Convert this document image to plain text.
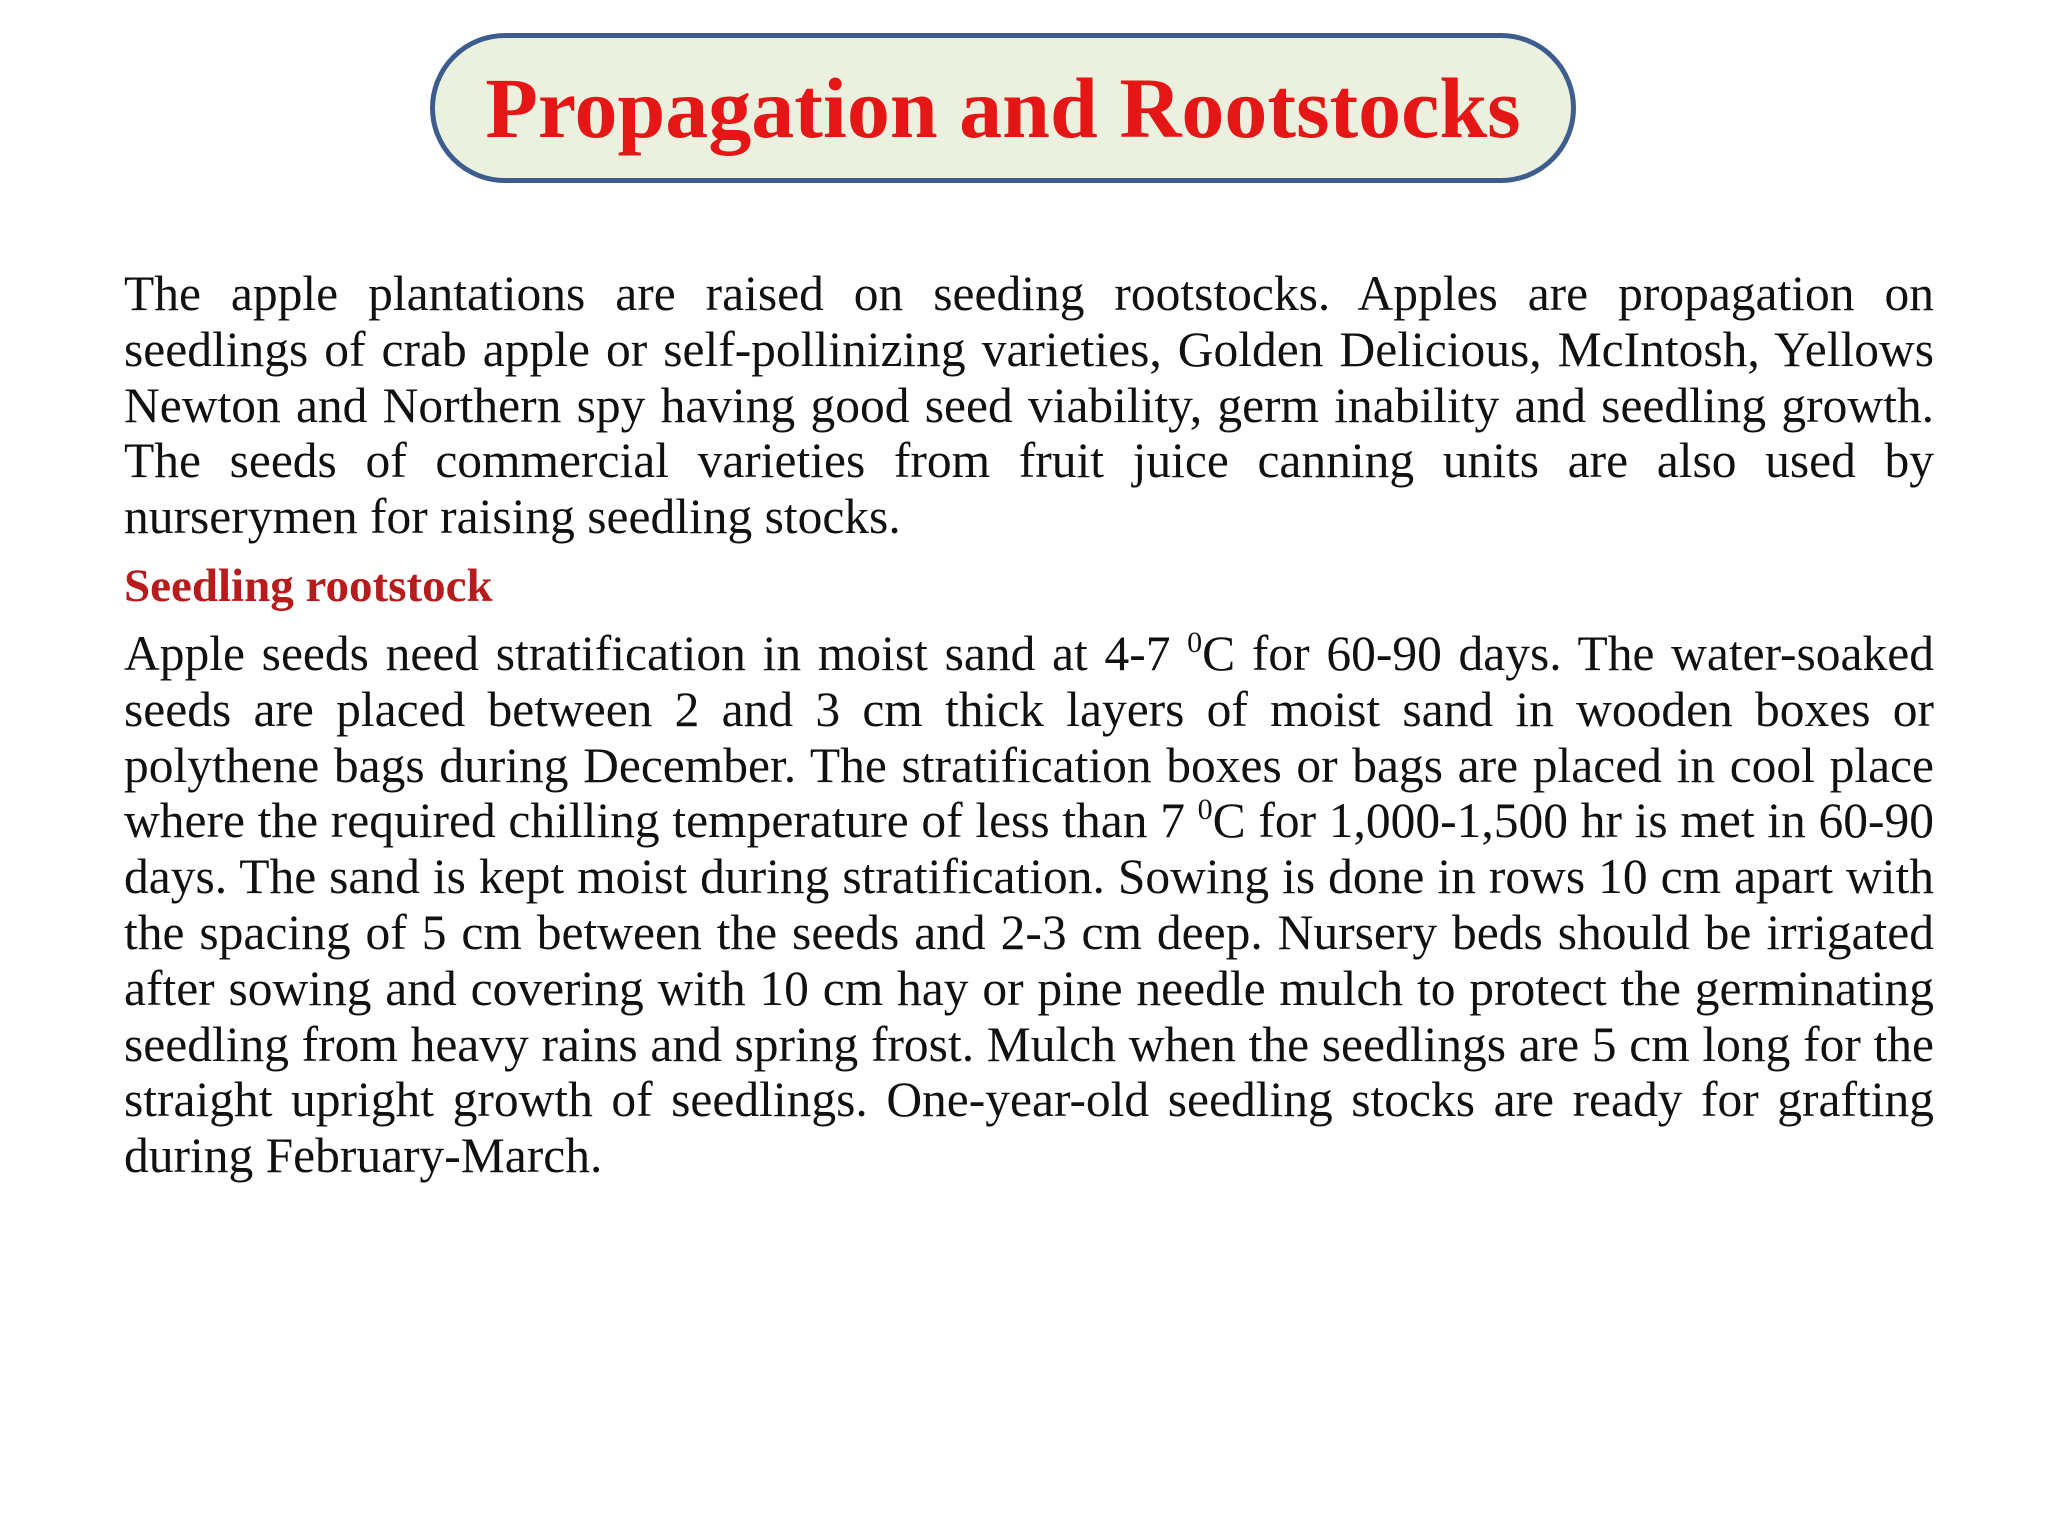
Propagation and Rootstocks

The apple plantations are raised on seeding rootstocks. Apples are propagation on seedlings of crab apple or self-pollinizing varieties, Golden Delicious, McIntosh, Yellows Newton and Northern spy having good seed viability, germ inability and seedling growth. The seeds of commercial varieties from fruit juice canning units are also used by nurserymen for raising seedling stocks.

Seedling rootstock

Apple seeds need stratification in moist sand at 4-7 $^0$C for 60-90 days. The water-soaked seeds are placed between 2 and 3 cm thick layers of moist sand in wooden boxes or polythene bags during December. The stratification boxes or bags are placed in cool place where the required chilling temperature of less than 7 $^0$C for 1,000-1,500 hr is met in 60-90 days. The sand is kept moist during stratification. Sowing is done in rows 10 cm apart with the spacing of 5 cm between the seeds and 2-3 cm deep. Nursery beds should be irrigated after sowing and covering with 10 cm hay or pine needle mulch to protect the germinating seedling from heavy rains and spring frost. Mulch when the seedlings are 5 cm long for the straight upright growth of seedlings. One-year-old seedling stocks are ready for grafting during February-March.
